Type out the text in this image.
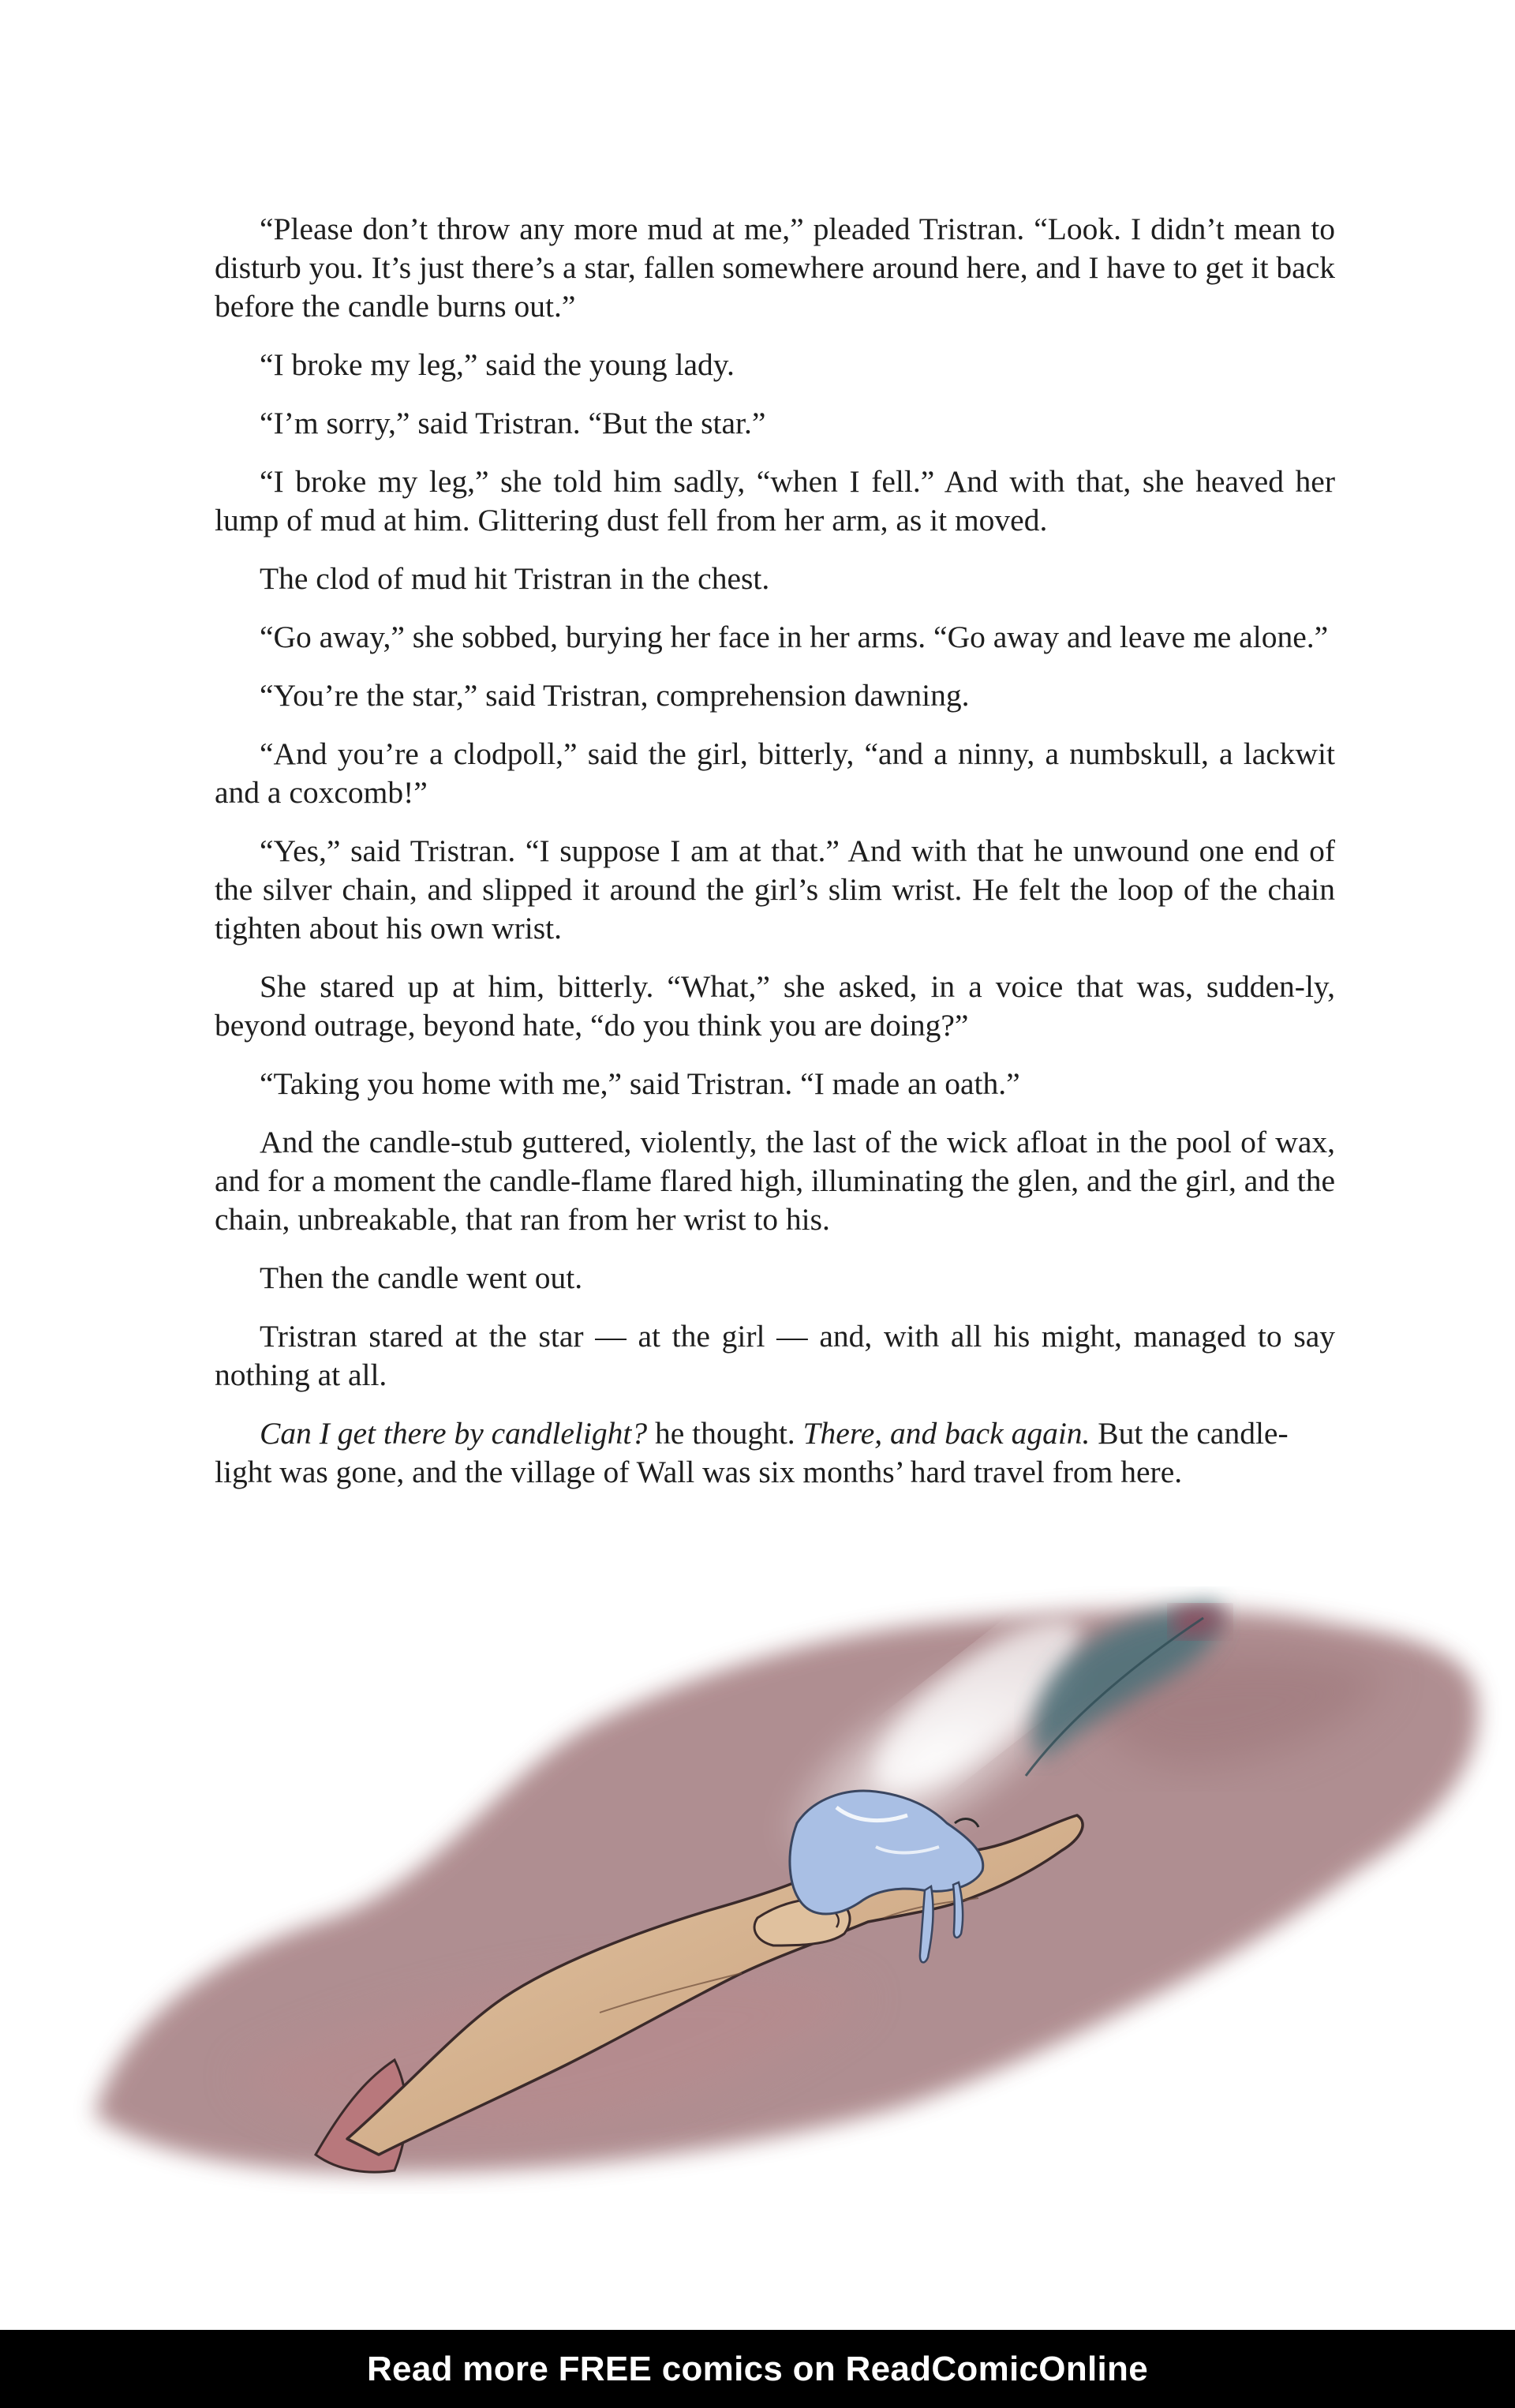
“Please don’t throw any more mud at me,” pleaded Tristran. “Look. I didn’t mean to disturb you. It’s just there’s a star, fallen somewhere around here, and I have to get it back before the candle burns out.”

“I broke my leg,” said the young lady.

“I’m sorry,” said Tristran. “But the star.”

“I broke my leg,” she told him sadly, “when I fell.” And with that, she heaved her lump of mud at him. Glittering dust fell from her arm, as it moved.

The clod of mud hit Tristran in the chest.

“Go away,” she sobbed, burying her face in her arms. “Go away and leave me alone.”

“You’re the star,” said Tristran, comprehension dawning.

“And you’re a clodpoll,” said the girl, bitterly, “and a ninny, a numbskull, a lackwit and a coxcomb!”

“Yes,” said Tristran. “I suppose I am at that.” And with that he unwound one end of the silver chain, and slipped it around the girl’s slim wrist. He felt the loop of the chain tighten about his own wrist.

She stared up at him, bitterly. “What,” she asked, in a voice that was, sudden-ly, beyond outrage, beyond hate, “do you think you are doing?”

“Taking you home with me,” said Tristran. “I made an oath.”

And the candle-stub guttered, violently, the last of the wick afloat in the pool of wax, and for a moment the candle-flame flared high, illuminating the glen, and the girl, and the chain, unbreakable, that ran from her wrist to his.

Then the candle went out.

Tristran stared at the star — at the girl — and, with all his might, managed to say nothing at all.

Can I get there by candlelight? he thought. There, and back again. But the candle-light was gone, and the village of Wall was six months’ hard travel from here.

Read more FREE comics on ReadComicOnline
